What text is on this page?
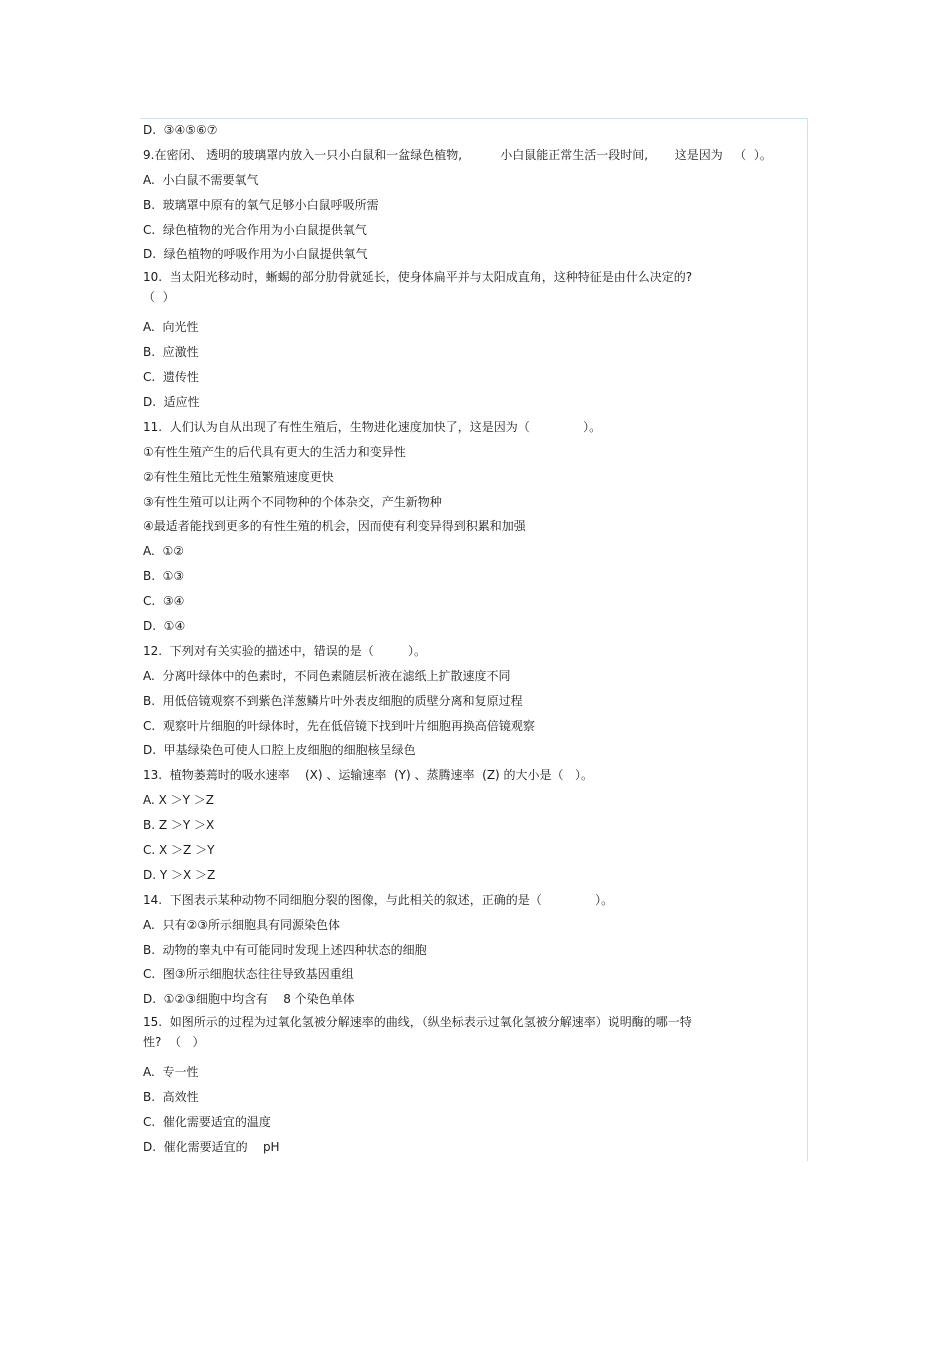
D.  ③④⑤⑥⑦
9.在密闭、 透明的玻璃罩内放入一只小白鼠和一盆绿色植物,          小白鼠能正常生活一段时间,       这是因为   （  ）。
A.  小白鼠不需要氧气
B.  玻璃罩中原有的氧气足够小白鼠呼吸所需
C.  绿色植物的光合作用为小白鼠提供氧气
D.  绿色植物的呼吸作用为小白鼠提供氧气
10.  当太阳光移动时，蜥蜴的部分肋骨就延长，使身体扁平并与太阳成直角，这种特征是由什么决定的?
（  ）
A.  向光性
B.  应激性
C.  遗传性
D.  适应性
11.  人们认为自从出现了有性生殖后，生物进化速度加快了，这是因为（              ）。
①有性生殖产生的后代具有更大的生活力和变异性
②有性生殖比无性生殖繁殖速度更快
③有性生殖可以让两个不同物种的个体杂交，产生新物种
④最适者能找到更多的有性生殖的机会，因而使有利变异得到积累和加强
A.  ①②
B.  ①③
C.  ③④
D.  ①④
12.  下列对有关实验的描述中，错误的是（         ）。
A.  分离叶绿体中的色素时，不同色素随层析液在滤纸上扩散速度不同
B.  用低倍镜观察不到紫色洋葱鳞片叶外表皮细胞的质壁分离和复原过程
C.  观察叶片细胞的叶绿体时，先在低倍镜下找到叶片细胞再换高倍镜观察
D.  甲基绿染色可使人口腔上皮细胞的细胞核呈绿色
13.  植物萎蔫时的吸水速率    (X) 、运输速率  (Y) 、蒸腾速率  (Z) 的大小是（   ）。
A. X ＞Y ＞Z
B. Z ＞Y ＞X
C. X ＞Z ＞Y
D. Y ＞X ＞Z
14.  下图表示某种动物不同细胞分裂的图像，与此相关的叙述，正确的是（              ）。
A.  只有②③所示细胞具有同源染色体
B.  动物的睾丸中有可能同时发现上述四种状态的细胞
C.  图③所示细胞状态往往导致基因重组
D.  ①②③细胞中均含有    8 个染色单体
15.  如图所示的过程为过氧化氢被分解速率的曲线，（纵坐标表示过氧化氢被分解速率）说明酶的哪一特
性?  （   ）
A.  专一性
B.  高效性
C.  催化需要适宜的温度
D.  催化需要适宜的    pH
